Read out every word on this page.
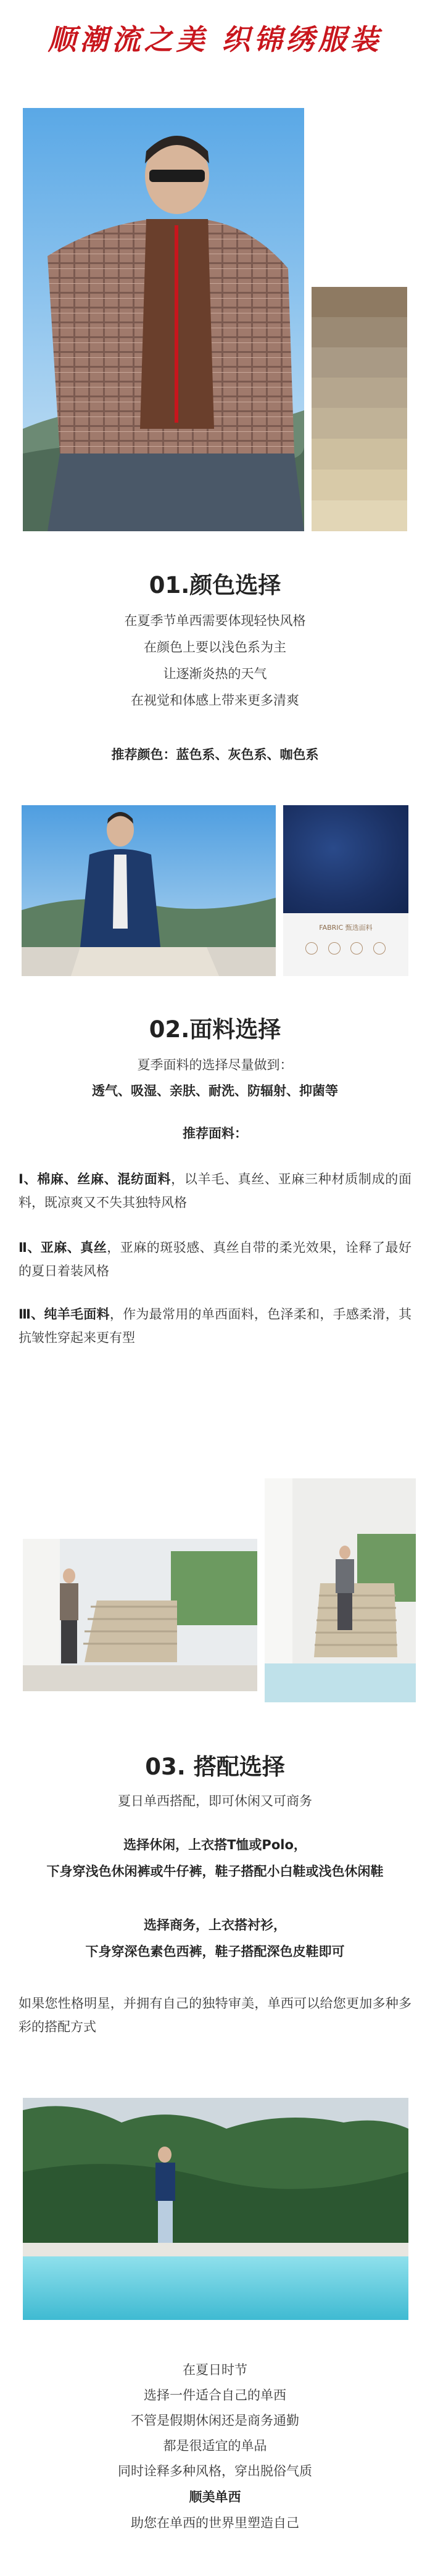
顺潮流之美 织锦绣服装
01.颜色选择
在夏季节单西需要体现轻快风格
在颜色上要以浅色系为主
让逐渐炎热的天气
在视觉和体感上带来更多清爽
推荐颜色：蓝色系、灰色系、咖色系
FABRIC 甄选面料
02.面料选择
夏季面料的选择尽量做到：
透气、吸湿、亲肤、耐洗、防辐射、抑菌等
推荐面料：
Ⅰ、棉麻、丝麻、混纺面料，以羊毛、真丝、亚麻三种材质制成的面料，既凉爽又不失其独特风格
Ⅱ、亚麻、真丝，亚麻的斑驳感、真丝自带的柔光效果，诠释了最好的夏日着装风格
Ⅲ、纯羊毛面料，作为最常用的单西面料，色泽柔和，手感柔滑，其抗皱性穿起来更有型
03. 搭配选择
夏日单西搭配，即可休闲又可商务
选择休闲，上衣搭T恤或Polo，
下身穿浅色休闲裤或牛仔裤，鞋子搭配小白鞋或浅色休闲鞋
选择商务，上衣搭衬衫，
下身穿深色素色西裤，鞋子搭配深色皮鞋即可
如果您性格明星，并拥有自己的独特审美，单西可以给您更加多种多彩的搭配方式
在夏日时节
选择一件适合自己的单西
不管是假期休闲还是商务通勤
都是很适宜的单品
同时诠释多种风格，穿出脱俗气质
顺美单西
助您在单西的世界里塑造自己
